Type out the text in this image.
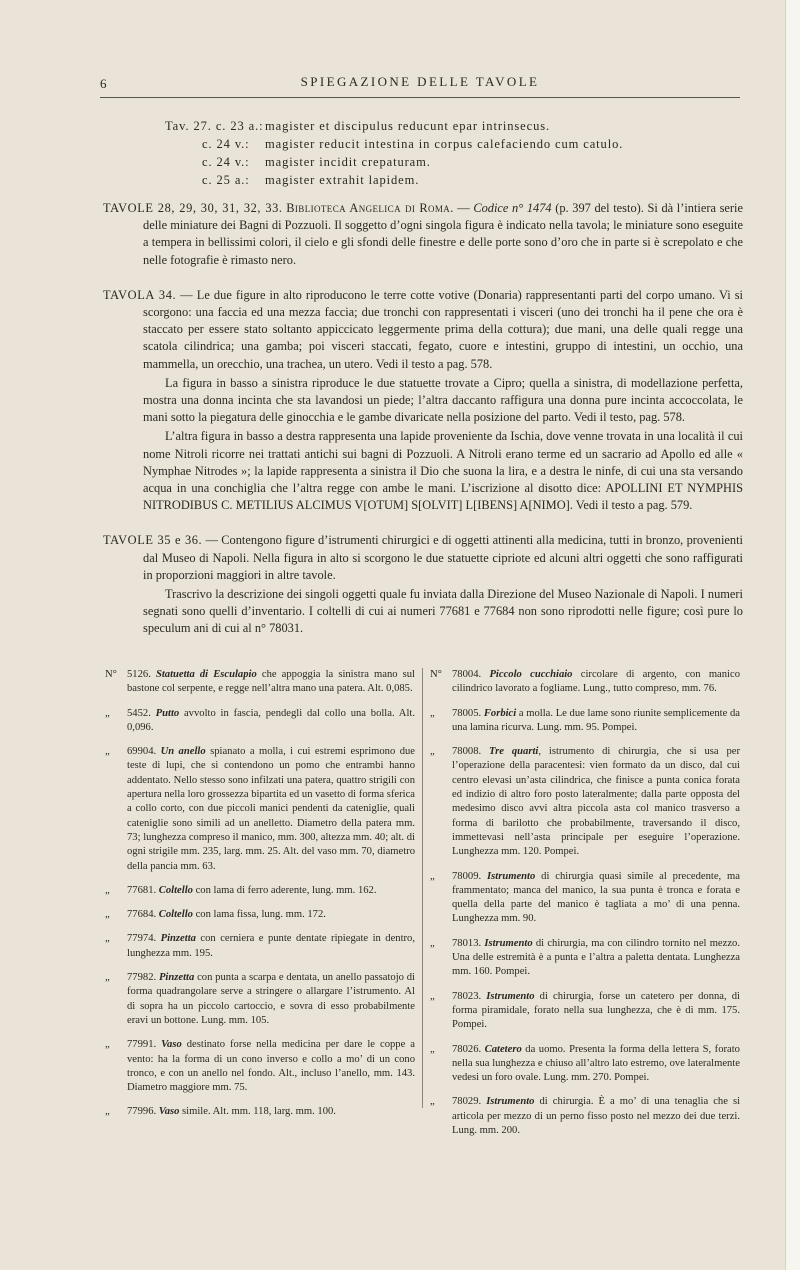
6	SPIEGAZIONE DELLE TAVOLE
Tav. 27. c. 23 a.: magister et discipulus reducunt epar intrinsecus.
c. 24 v.:	magister reducit intestina in corpus calefaciendo cum catulo.
c. 24 v.:	magister incidit crepaturam.
c. 25 a.:	magister extrahit lapidem.
TAVOLE 28, 29, 30, 31, 32, 33. Biblioteca Angelica di Roma. — Codice n° 1474 (p. 397 del testo). Si dà l’intiera serie delle miniature dei Bagni di Pozzuoli. Il soggetto d’ogni singola figura è indicato nella tavola; le miniature sono eseguite a tempera in bellissimi colori, il cielo e gli sfondi delle finestre e delle porte sono d’oro che in parte si è screpolato e che nelle fotografie è rimasto nero.
TAVOLA 34. — Le due figure in alto riproducono le terre cotte votive (Donaria) rappresentanti parti del corpo umano. Vi si scorgono: una faccia ed una mezza faccia; due tronchi con rappresentati i visceri (uno dei tronchi ha il pene che ora è staccato per essere stato soltanto appiccicato leggermente prima della cottura); due mani, una delle quali regge una scatola cilindrica; una gamba; poi visceri staccati, fegato, cuore e intestini, gruppo di intestini, un occhio, una mammella, un orecchio, una trachea, un utero. Vedi il testo a pag. 578.
La figura in basso a sinistra riproduce le due statuette trovate a Cipro; quella a sinistra, di modellazione perfetta, mostra una donna incinta che sta lavandosi un piede; l’altra daccanto raffigura una donna pure incinta accoccolata, le mani sotto la piegatura delle ginocchia e le gambe divaricate nella posizione del parto. Vedi il testo, pag. 578.
L’altra figura in basso a destra rappresenta una lapide proveniente da Ischia, dove venne trovata in una località il cui nome Nitroli ricorre nei trattati antichi sui bagni di Pozzuoli. A Nitroli erano terme ed un sacrario ad Apollo ed alle « Nymphae Nitrodes »; la lapide rappresenta a sinistra il Dio che suona la lira, e a destra le ninfe, di cui una sta versando acqua in una conchiglia che l’altra regge con ambe le mani. L’iscrizione al disotto dice: APOLLINI ET NYMPHIS NITRODIBUS C. METILIUS ALCIMUS V[OTUM] S[OLVIT] L[IBENS] A[NIMO]. Vedi il testo a pag. 579.
TAVOLE 35 e 36. — Contengono figure d’istrumenti chirurgici e di oggetti attinenti alla medicina, tutti in bronzo, provenienti dal Museo di Napoli. Nella figura in alto si scorgono le due statuette cipriote ed alcuni altri oggetti che sono raffigurati in proporzioni maggiori in altre tavole.
Trascrivo la descrizione dei singoli oggetti quale fu inviata dalla Direzione del Museo Nazionale di Napoli. I numeri segnati sono quelli d’inventario. I coltelli di cui ai numeri 77681 e 77684 non sono riprodotti nelle figure; così pure lo speculum ani di cui al n° 78031.
N° 5126. Statuetta di Esculapio che appoggia la sinistra mano sul bastone col serpente, e regge nell’altra mano una patera. Alt. 0,085.
„ 5452. Putto avvolto in fascia, pendegli dal collo una bolla. Alt. 0,096.
„ 69904. Un anello spianato a molla, i cui estremi esprimono due teste di lupi, che si contendono un pomo che entrambi hanno addentato. Nello stesso sono infilzati una patera, quattro strigili con apertura nella loro grossezza bipartita ed un vasetto di forma sferica a collo corto, con due piccoli manici pendenti da cateniglie, quali cateniglie sono simili ad un anelletto. Diametro della patera mm. 73; lunghezza compreso il manico, mm. 300, altezza mm. 40; alt. di ogni strigile mm. 235, larg. mm. 25. Alt. del vaso mm. 70, diametro della pancia mm. 63.
„ 77681. Coltello con lama di ferro aderente, lung. mm. 162.
„ 77684. Coltello con lama fissa, lung. mm. 172.
„ 77974. Pinzetta con cerniera e punte dentate ripiegate in dentro, lunghezza mm. 195.
„ 77982. Pinzetta con punta a scarpa e dentata, un anello passatojo di forma quadrangolare serve a stringere o allargare l’istrumento. Al di sopra ha un piccolo cartoccio, e sovra di esso probabilmente eravi un bottone. Lung. mm. 105.
„ 77991. Vaso destinato forse nella medicina per dare le coppe a vento: ha la forma di un cono inverso e collo a mo’ di un cono tronco, e con un anello nel fondo. Alt., incluso l’anello, mm. 143. Diametro maggiore mm. 75.
„ 77996. Vaso simile. Alt. mm. 118, larg. mm. 100.
N° 78004. Piccolo cucchiaio circolare di argento, con manico cilindrico lavorato a fogliame. Lung., tutto compreso, mm. 76.
„ 78005. Forbici a molla. Le due lame sono riunite semplicemente da una lamina ricurva. Lung. mm. 95. Pompei.
„ 78008. Tre quarti, istrumento di chirurgia, che si usa per l’operazione della paracentesi: vien formato da un disco, dal cui centro elevasi un’asta cilindrica, che finisce a punta conica forata ed indizio di altro foro posto lateralmente; dalla parte opposta del medesimo disco avvi altra piccola asta col manico trasverso a forma di barilotto che probabilmente, traversando il disco, immettevasi nell’asta principale per eseguire l’operazione. Lunghezza mm. 120. Pompei.
„ 78009. Istrumento di chirurgia quasi simile al precedente, ma frammentato; manca del manico, la sua punta è tronca e forata e quella della parte del manico è tagliata a mo’ di una penna. Lunghezza mm. 90.
„ 78013. Istrumento di chirurgia, ma con cilindro tornito nel mezzo. Una delle estremità è a punta e l’altra a paletta dentata. Lunghezza mm. 160. Pompei.
„ 78023. Istrumento di chirurgia, forse un catetero per donna, di forma piramidale, forato nella sua lunghezza, che è di mm. 175. Pompei.
„ 78026. Catetero da uomo. Presenta la forma della lettera S, forato nella sua lunghezza e chiuso all’altro lato estremo, ove lateralmente vedesi un foro ovale. Lung. mm. 270. Pompei.
„ 78029. Istrumento di chirurgia. È a mo’ di una tenaglia che si articola per mezzo di un perno fisso posto nel mezzo dei due terzi. Lung. mm. 200.
